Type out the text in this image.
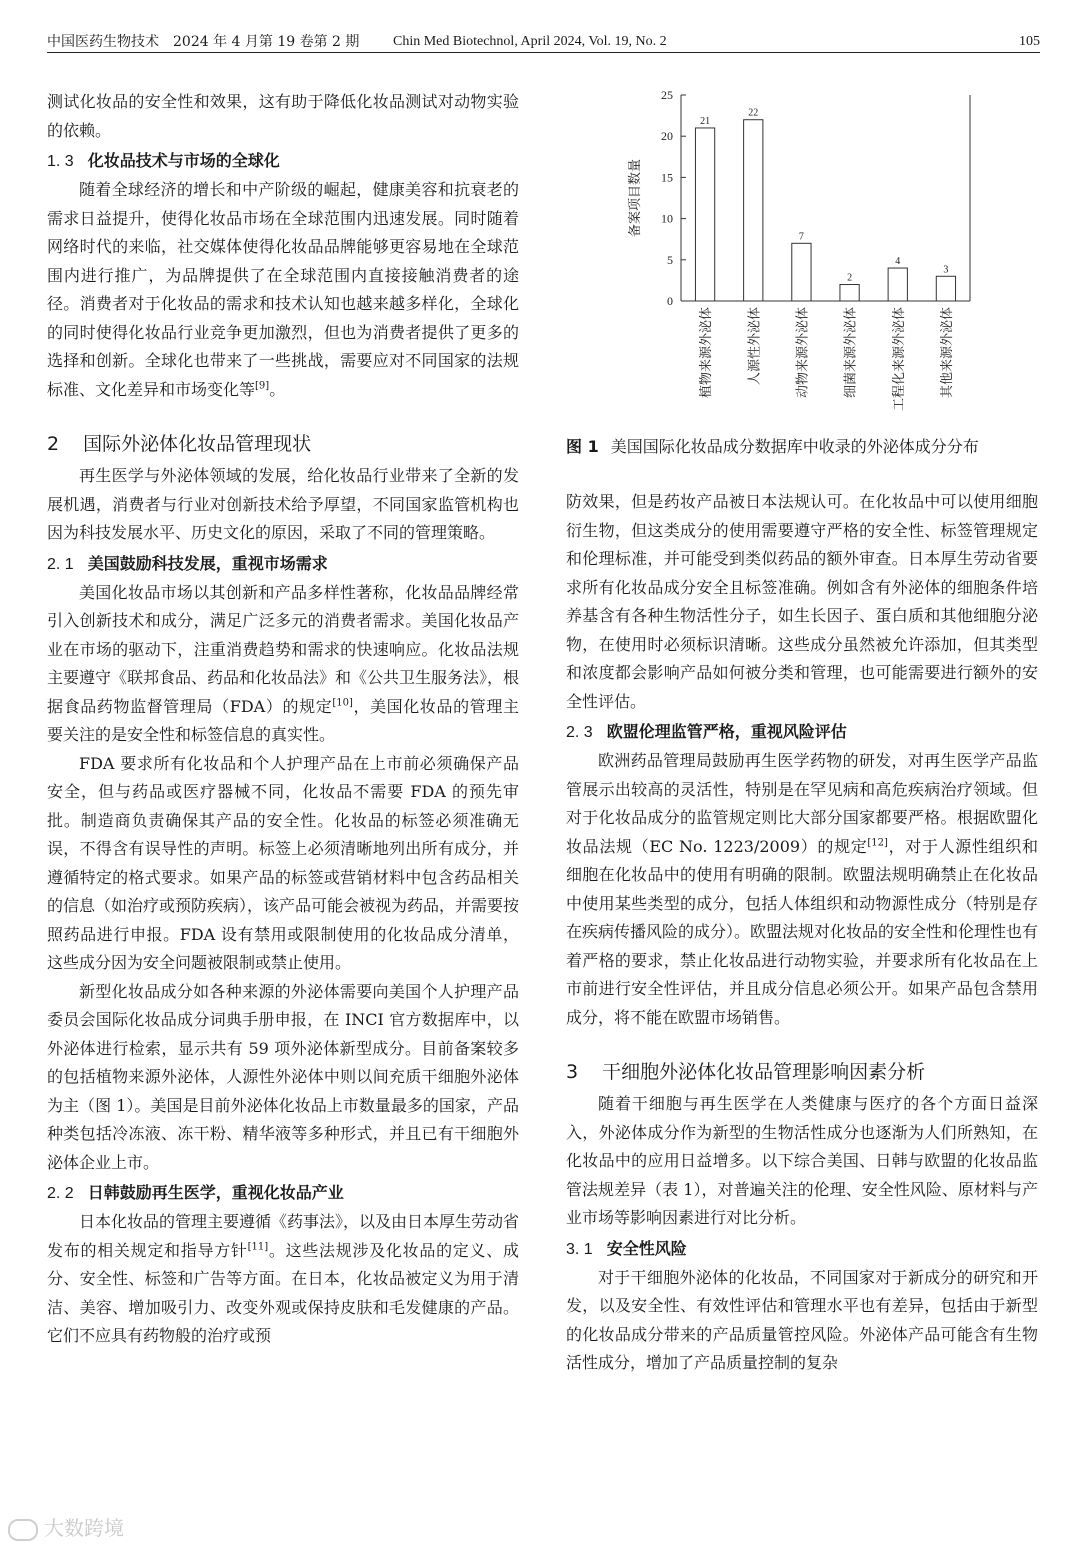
中国医药生物技术　2024 年 4 月第 19 卷第 2 期 Chin Med Biotechnol, April 2024, Vol. 19, No. 2	105

测试化妆品的安全性和效果，这有助于降低化妆品测试对动物实验的依赖。

1. 3 化妆品技术与市场的全球化

随着全球经济的增长和中产阶级的崛起，健康美容和抗衰老的需求日益提升，使得化妆品市场在全球范围内迅速发展。同时随着网络时代的来临，社交媒体使得化妆品品牌能够更容易地在全球范围内进行推广，为品牌提供了在全球范围内直接接触消费者的途径。消费者对于化妆品的需求和技术认知也越来越多样化，全球化的同时使得化妆品行业竞争更加激烈，但也为消费者提供了更多的选择和创新。全球化也带来了一些挑战，需要应对不同国家的法规标准、文化差异和市场变化等[9]。

2 国际外泌体化妆品管理现状

再生医学与外泌体领域的发展，给化妆品行业带来了全新的发展机遇，消费者与行业对创新技术给予厚望，不同国家监管机构也因为科技发展水平、历史文化的原因，采取了不同的管理策略。

2. 1 美国鼓励科技发展，重视市场需求

美国化妆品市场以其创新和产品多样性著称，化妆品品牌经常引入创新技术和成分，满足广泛多元的消费者需求。美国化妆品产业在市场的驱动下，注重消费趋势和需求的快速响应。化妆品法规主要遵守《联邦食品、药品和化妆品法》和《公共卫生服务法》，根据食品药物监督管理局（FDA）的规定[10]，美国化妆品的管理主要关注的是安全性和标签信息的真实性。

FDA 要求所有化妆品和个人护理产品在上市前必须确保产品安全，但与药品或医疗器械不同，化妆品不需要 FDA 的预先审批。制造商负责确保其产品的安全性。化妆品的标签必须准确无误，不得含有误导性的声明。标签上必须清晰地列出所有成分，并遵循特定的格式要求。如果产品的标签或营销材料中包含药品相关的信息（如治疗或预防疾病），该产品可能会被视为药品，并需要按照药品进行申报。FDA 设有禁用或限制使用的化妆品成分清单，这些成分因为安全问题被限制或禁止使用。

新型化妆品成分如各种来源的外泌体需要向美国个人护理产品委员会国际化妆品成分词典手册申报，在 INCI 官方数据库中，以外泌体进行检索，显示共有 59 项外泌体新型成分。目前备案较多的包括植物来源外泌体，人源性外泌体中则以间充质干细胞外泌体为主（图 1）。美国是目前外泌体化妆品上市数量最多的国家，产品种类包括冷冻液、冻干粉、精华液等多种形式，并且已有干细胞外泌体企业上市。

2. 2 日韩鼓励再生医学，重视化妆品产业

日本化妆品的管理主要遵循《药事法》，以及由日本厚生劳动省发布的相关规定和指导方针[11]。这些法规涉及化妆品的定义、成分、安全性、标签和广告等方面。在日本，化妆品被定义为用于清洁、美容、增加吸引力、改变外观或保持皮肤和毛发健康的产品。它们不应具有药物般的治疗或预

0
5
10
15
20
25
备案项目数量
21
植物来源外泌体
22
人源性外泌体
7
动物来源外泌体
2
细菌来源外泌体
4
工程化来源外泌体
3
其他来源外泌体
图 1 美国国际化妆品成分数据库中收录的外泌体成分分布

防效果，但是药妆产品被日本法规认可。在化妆品中可以使用细胞衍生物，但这类成分的使用需要遵守严格的安全性、标签管理规定和伦理标准，并可能受到类似药品的额外审查。日本厚生劳动省要求所有化妆品成分安全且标签准确。例如含有外泌体的细胞条件培养基含有各种生物活性分子，如生长因子、蛋白质和其他细胞分泌物，在使用时必须标识清晰。这些成分虽然被允许添加，但其类型和浓度都会影响产品如何被分类和管理，也可能需要进行额外的安全性评估。

2. 3 欧盟伦理监管严格，重视风险评估

欧洲药品管理局鼓励再生医学药物的研发，对再生医学产品监管展示出较高的灵活性，特别是在罕见病和高危疾病治疗领域。但对于化妆品成分的监管规定则比大部分国家都要严格。根据欧盟化妆品法规（EC No. 1223/2009）的规定[12]，对于人源性组织和细胞在化妆品中的使用有明确的限制。欧盟法规明确禁止在化妆品中使用某些类型的成分，包括人体组织和动物源性成分（特别是存在疾病传播风险的成分）。欧盟法规对化妆品的安全性和伦理性也有着严格的要求，禁止化妆品进行动物实验，并要求所有化妆品在上市前进行安全性评估，并且成分信息必须公开。如果产品包含禁用成分，将不能在欧盟市场销售。

3 干细胞外泌体化妆品管理影响因素分析

随着干细胞与再生医学在人类健康与医疗的各个方面日益深入，外泌体成分作为新型的生物活性成分也逐渐为人们所熟知，在化妆品中的应用日益增多。以下综合美国、日韩与欧盟的化妆品监管法规差异（表 1），对普遍关注的伦理、安全性风险、原材料与产业市场等影响因素进行对比分析。

3. 1 安全性风险

对于干细胞外泌体的化妆品，不同国家对于新成分的研究和开发，以及安全性、有效性评估和管理水平也有差异，包括由于新型的化妆品成分带来的产品质量管控风险。外泌体产品可能含有生物活性成分，增加了产品质量控制的复杂

大数跨境
